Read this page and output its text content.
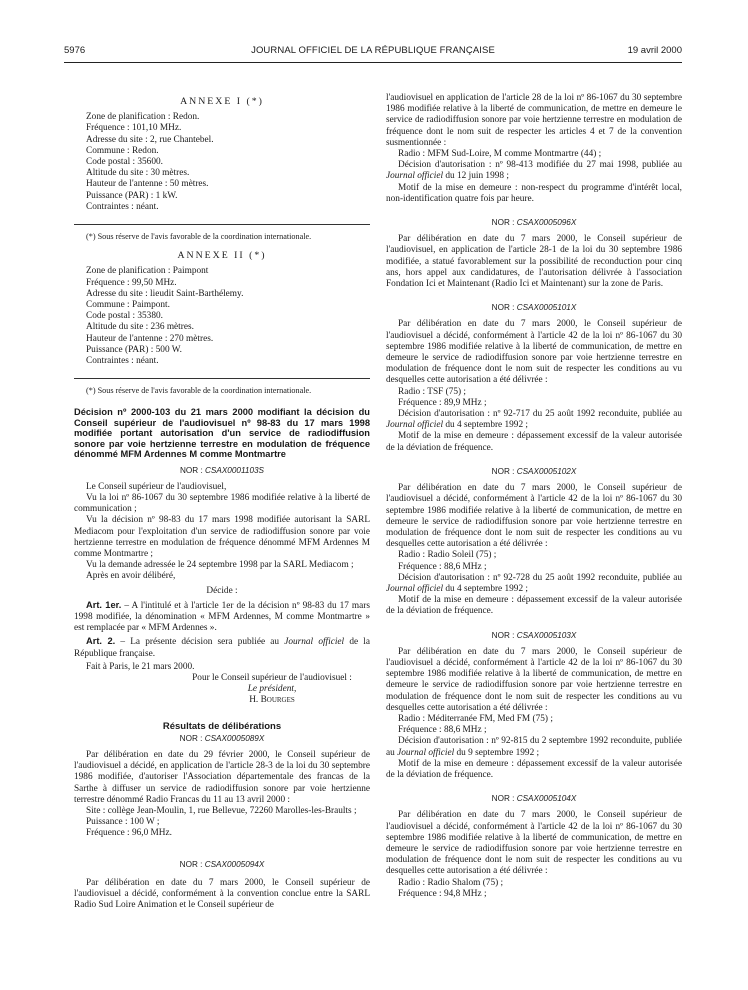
5976	JOURNAL OFFICIEL DE LA RÉPUBLIQUE FRANÇAISE	19 avril 2000
ANNEXE I (*)

Zone de planification : Redon.

Fréquence : 101,10 MHz.

Adresse du site : 2, rue Chantebel.

Commune : Redon.

Code postal : 35600.

Altitude du site : 30 mètres.

Hauteur de l'antenne : 50 mètres.

Puissance (PAR) : 1 kW.

Contraintes : néant.

(*) Sous réserve de l'avis favorable de la coordination internationale.

ANNEXE II (*)

Zone de planification : Paimpont

Fréquence : 99,50 MHz.

Adresse du site : lieudit Saint-Barthélemy.

Commune : Paimpont.

Code postal : 35380.

Altitude du site : 236 mètres.

Hauteur de l'antenne : 270 mètres.

Puissance (PAR) : 500 W.

Contraintes : néant.

(*) Sous réserve de l'avis favorable de la coordination internationale.

Décision nº 2000-103 du 21 mars 2000 modifiant la décision du Conseil supérieur de l'audiovisuel nº 98-83 du 17 mars 1998 modifiée portant autorisation d'un service de radiodiffusion sonore par voie hertzienne terrestre en modulation de fréquence dénommé MFM Ardennes M comme Montmartre

NOR : CSAX0001103S

Le Conseil supérieur de l'audiovisuel,

Vu la loi nº 86-1067 du 30 septembre 1986 modifiée relative à la liberté de communication ;

Vu la décision nº 98-83 du 17 mars 1998 modifiée autorisant la SARL Mediacom pour l'exploitation d'un service de radiodiffusion sonore par voie hertzienne terrestre en modulation de fréquence dénommé MFM Ardennes M comme Montmartre ;

Vu la demande adressée le 24 septembre 1998 par la SARL Mediacom ;

Après en avoir délibéré,

Décide :

Art. 1er. – A l'intitulé et à l'article 1er de la décision nº 98-83 du 17 mars 1998 modifiée, la dénomination « MFM Ardennes, M comme Montmartre » est remplacée par « MFM Ardennes ».

Art. 2. – La présente décision sera publiée au Journal officiel de la République française.

Fait à Paris, le 21 mars 2000.

Pour le Conseil supérieur de l'audiovisuel :

Le président,

H. Bourges

Résultats de délibérations

NOR : CSAX0005089X

Par délibération en date du 29 février 2000, le Conseil supérieur de l'audiovisuel a décidé, en application de l'article 28-3 de la loi du 30 septembre 1986 modifiée, d'autoriser l'Association départementale des francas de la Sarthe à diffuser un service de radiodiffusion sonore par voie hertzienne terrestre dénommé Radio Francas du 11 au 13 avril 2000 :

Site : collège Jean-Moulin, 1, rue Bellevue, 72260 Marolles-les-Braults ;

Puissance : 100 W ;

Fréquence : 96,0 MHz.

NOR : CSAX0005094X

Par délibération en date du 7 mars 2000, le Conseil supérieur de l'audiovisuel a décidé, conformément à la convention conclue entre la SARL Radio Sud Loire Animation et le Conseil supérieur de

l'audiovisuel en application de l'article 28 de la loi nº 86-1067 du 30 septembre 1986 modifiée relative à la liberté de communication, de mettre en demeure le service de radiodiffusion sonore par voie hertzienne terrestre en modulation de fréquence dont le nom suit de respecter les articles 4 et 7 de la convention susmentionnée :

Radio : MFM Sud-Loire, M comme Montmartre (44) ;

Décision d'autorisation : nº 98-413 modifiée du 27 mai 1998, publiée au Journal officiel du 12 juin 1998 ;

Motif de la mise en demeure : non-respect du programme d'intérêt local, non-identification quatre fois par heure.

NOR : CSAX0005096X

Par délibération en date du 7 mars 2000, le Conseil supérieur de l'audiovisuel, en application de l'article 28-1 de la loi du 30 septembre 1986 modifiée, a statué favorablement sur la possibilité de reconduction pour cinq ans, hors appel aux candidatures, de l'autorisation délivrée à l'association Fondation Ici et Maintenant (Radio Ici et Maintenant) sur la zone de Paris.

NOR : CSAX0005101X

Par délibération en date du 7 mars 2000, le Conseil supérieur de l'audiovisuel a décidé, conformément à l'article 42 de la loi nº 86-1067 du 30 septembre 1986 modifiée relative à la liberté de communication, de mettre en demeure le service de radiodiffusion sonore par voie hertzienne terrestre en modulation de fréquence dont le nom suit de respecter les conditions au vu desquelles cette autorisation a été délivrée :

Radio : TSF (75) ;

Fréquence : 89,9 MHz ;

Décision d'autorisation : nº 92-717 du 25 août 1992 reconduite, publiée au Journal officiel du 4 septembre 1992 ;

Motif de la mise en demeure : dépassement excessif de la valeur autorisée de la déviation de fréquence.

NOR : CSAX0005102X

Par délibération en date du 7 mars 2000, le Conseil supérieur de l'audiovisuel a décidé, conformément à l'article 42 de la loi nº 86-1067 du 30 septembre 1986 modifiée relative à la liberté de communication, de mettre en demeure le service de radiodiffusion sonore par voie hertzienne terrestre en modulation de fréquence dont le nom suit de respecter les conditions au vu desquelles cette autorisation a été délivrée :

Radio : Radio Soleil (75) ;

Fréquence : 88,6 MHz ;

Décision d'autorisation : nº 92-728 du 25 août 1992 reconduite, publiée au Journal officiel du 4 septembre 1992 ;

Motif de la mise en demeure : dépassement excessif de la valeur autorisée de la déviation de fréquence.

NOR : CSAX0005103X

Par délibération en date du 7 mars 2000, le Conseil supérieur de l'audiovisuel a décidé, conformément à l'article 42 de la loi nº 86-1067 du 30 septembre 1986 modifiée relative à la liberté de communication, de mettre en demeure le service de radiodiffusion sonore par voie hertzienne terrestre en modulation de fréquence dont le nom suit de respecter les conditions au vu desquelles cette autorisation a été délivrée :

Radio : Méditerranée FM, Med FM (75) ;

Fréquence : 88,6 MHz ;

Décision d'autorisation : nº 92-815 du 2 septembre 1992 reconduite, publiée au Journal officiel du 9 septembre 1992 ;

Motif de la mise en demeure : dépassement excessif de la valeur autorisée de la déviation de fréquence.

NOR : CSAX0005104X

Par délibération en date du 7 mars 2000, le Conseil supérieur de l'audiovisuel a décidé, conformément à l'article 42 de la loi nº 86-1067 du 30 septembre 1986 modifiée relative à la liberté de communication, de mettre en demeure le service de radiodiffusion sonore par voie hertzienne terrestre en modulation de fréquence dont le nom suit de respecter les conditions au vu desquelles cette autorisation a été délivrée :

Radio : Radio Shalom (75) ;

Fréquence : 94,8 MHz ;
